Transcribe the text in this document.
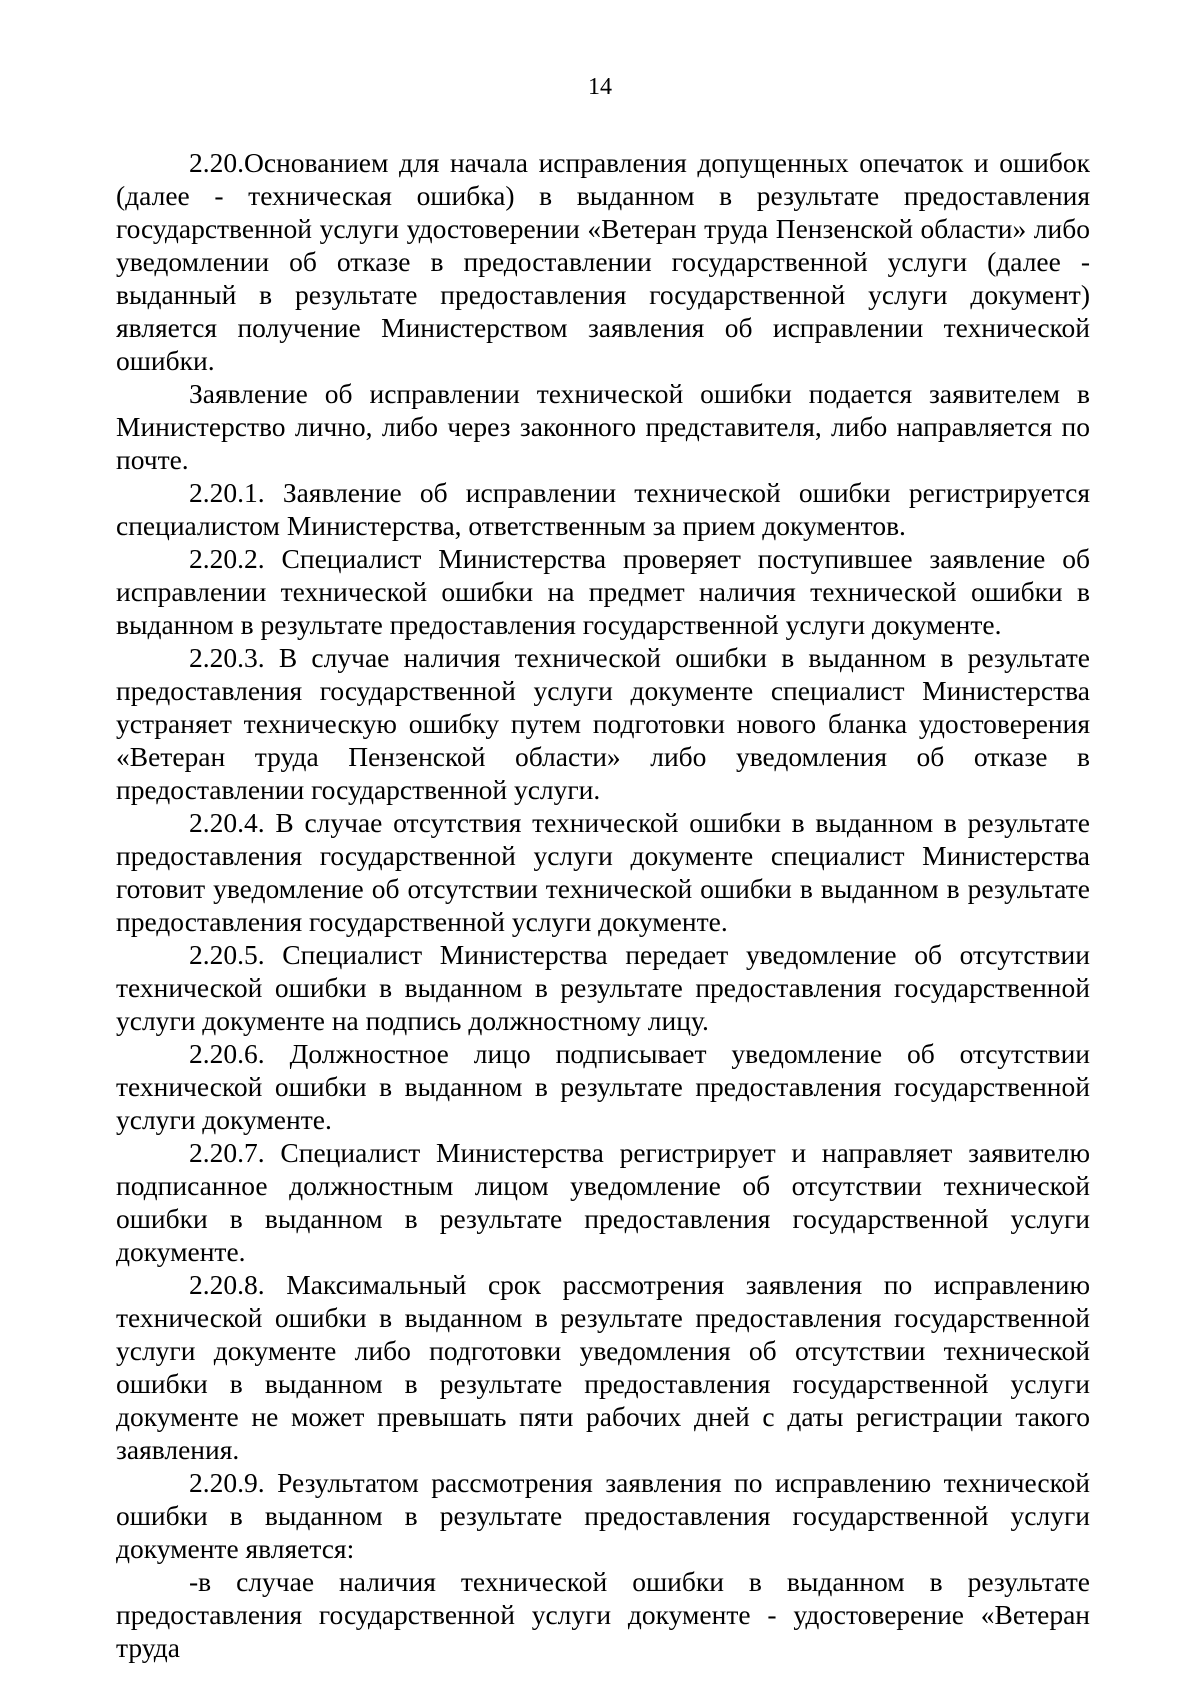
14

2.20.Основанием для начала исправления допущенных опечаток и ошибок (далее - техническая ошибка) в выданном в результате предоставления государственной услуги удостоверении «Ветеран труда Пензенской области» либо уведомлении об отказе в предоставлении государственной услуги (далее - выданный в результате предоставления государственной услуги документ) является получение Министерством заявления об исправлении технической ошибки.

Заявление об исправлении технической ошибки подается заявителем в Министерство лично, либо через законного представителя, либо направляется по почте.

2.20.1. Заявление об исправлении технической ошибки регистрируется специалистом Министерства, ответственным за прием документов.

2.20.2. Специалист Министерства проверяет поступившее заявление об исправлении технической ошибки на предмет наличия технической ошибки в выданном в результате предоставления государственной услуги документе.

2.20.3. В случае наличия технической ошибки в выданном в результате предоставления государственной услуги документе специалист Министерства устраняет техническую ошибку путем подготовки нового бланка удостоверения «Ветеран труда Пензенской области» либо уведомления об отказе в предоставлении государственной услуги.

2.20.4. В случае отсутствия технической ошибки в выданном в результате предоставления государственной услуги документе специалист Министерства готовит уведомление об отсутствии технической ошибки в выданном в результате предоставления государственной услуги документе.

2.20.5. Специалист Министерства передает уведомление об отсутствии технической ошибки в выданном в результате предоставления государственной услуги документе на подпись должностному лицу.

2.20.6. Должностное лицо подписывает уведомление об отсутствии технической ошибки в выданном в результате предоставления государственной услуги документе.

2.20.7. Специалист Министерства регистрирует и направляет заявителю подписанное должностным лицом уведомление об отсутствии технической ошибки в выданном в результате предоставления государственной услуги документе.

2.20.8. Максимальный срок рассмотрения заявления по исправлению технической ошибки в выданном в результате предоставления государственной услуги документе либо подготовки уведомления об отсутствии технической ошибки в выданном в результате предоставления государственной услуги документе не может превышать пяти рабочих дней с даты регистрации такого заявления.

2.20.9. Результатом рассмотрения заявления по исправлению технической ошибки в выданном в результате предоставления государственной услуги документе является:

-в случае наличия технической ошибки в выданном в результате предоставления государственной услуги документе - удостоверение «Ветеран труда
